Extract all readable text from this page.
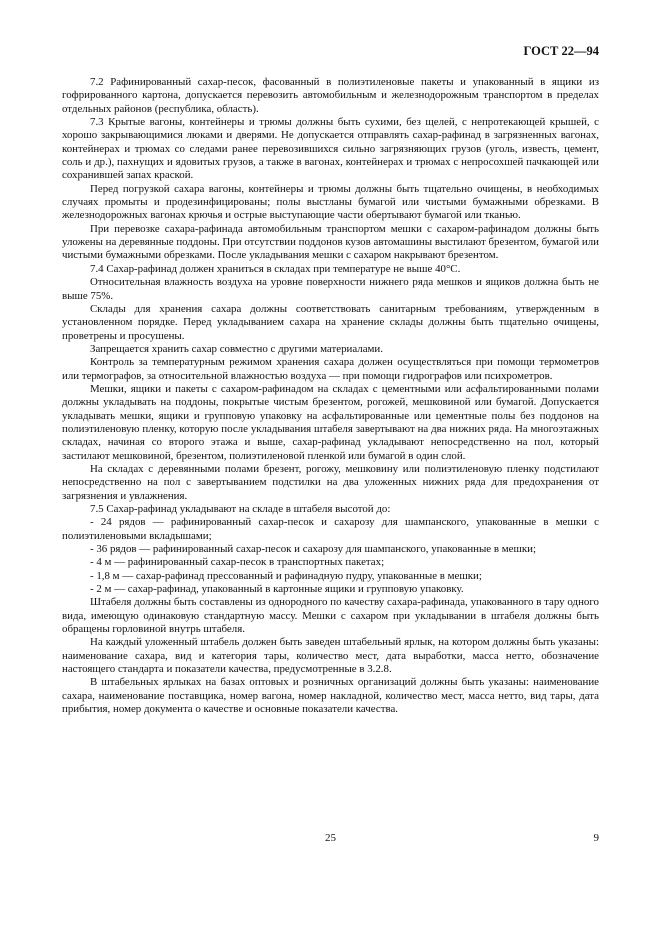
ГОСТ 22—94

7.2 Рафинированный сахар-песок, фасованный в полиэтиленовые пакеты и упакованный в ящики из гофрированного картона, допускается перевозить автомобильным и железнодорожным транспортом в пределах отдельных районов (республика, область).

7.3 Крытые вагоны, контейнеры и трюмы должны быть сухими, без щелей, с непротекающей крышей, с хорошо закрывающимися люками и дверями. Не допускается отправлять сахар-рафинад в загрязненных вагонах, контейнерах и трюмах со следами ранее перевозившихся сильно загрязняющих грузов (уголь, известь, цемент, соль и др.), пахнущих и ядовитых грузов, а также в вагонах, контейнерах и трюмах с непросохшей пачкающей или сохранившей запах краской.

Перед погрузкой сахара вагоны, контейнеры и трюмы должны быть тщательно очищены, в необходимых случаях промыты и продезинфицированы; полы выстланы бумагой или чистыми бумажными обрезками. В железнодорожных вагонах крючья и острые выступающие части обертывают бумагой или тканью.

При перевозке сахара-рафинада автомобильным транспортом мешки с сахаром-рафинадом должны быть уложены на деревянные поддоны. При отсутствии поддонов кузов автомашины выстилают брезентом, бумагой или чистыми бумажными обрезками. После укладывания мешки с сахаром накрывают брезентом.

7.4 Сахар-рафинад должен храниться в складах при температуре не выше 40°С.

Относительная влажность воздуха на уровне поверхности нижнего ряда мешков и ящиков должна быть не выше 75%.

Склады для хранения сахара должны соответствовать санитарным требованиям, утвержденным в установленном порядке. Перед укладыванием сахара на хранение склады должны быть тщательно очищены, проветрены и просушены.

Запрещается хранить сахар совместно с другими материалами.

Контроль за температурным режимом хранения сахара должен осуществляться при помощи термометров или термографов, за относительной влажностью воздуха — при помощи гидрографов или психрометров.

Мешки, ящики и пакеты с сахаром-рафинадом на складах с цементными или асфальтированными полами должны укладывать на поддоны, покрытые чистым брезентом, рогожей, мешковиной или бумагой. Допускается укладывать мешки, ящики и групповую упаковку на асфальтированные или цементные полы без поддонов на полиэтиленовую пленку, которую после укладывания штабеля завертывают на два нижних ряда. На многоэтажных складах, начиная со второго этажа и выше, сахар-рафинад укладывают непосредственно на пол, который застилают мешковиной, брезентом, полиэтиленовой пленкой или бумагой в один слой.

На складах с деревянными полами брезент, рогожу, мешковину или полиэтиленовую пленку подстилают непосредственно на пол с завертыванием подстилки на два уложенных нижних ряда для предохранения от загрязнения и увлажнения.

7.5 Сахар-рафинад укладывают на складе в штабеля высотой до:

- 24 рядов — рафинированный сахар-песок и сахарозу для шампанского, упакованные в мешки с полиэтиленовыми вкладышами;

- 36 рядов — рафинированный сахар-песок и сахарозу для шампанского, упакованные в мешки;

- 4 м — рафинированный сахар-песок в транспортных пакетах;

- 1,8 м — сахар-рафинад прессованный и рафинадную пудру, упакованные в мешки;

- 2 м — сахар-рафинад, упакованный в картонные ящики и групповую упаковку.

Штабеля должны быть составлены из однородного по качеству сахара-рафинада, упакованного в тару одного вида, имеющую одинаковую стандартную массу. Мешки с сахаром при укладывании в штабеля должны быть обращены горловиной внутрь штабеля.

На каждый уложенный штабель должен быть заведен штабельный ярлык, на котором должны быть указаны: наименование сахара, вид и категория тары, количество мест, дата выработки, масса нетто, обозначение настоящего стандарта и показатели качества, предусмотренные в 3.2.8.

В штабельных ярлыках на базах оптовых и розничных организаций должны быть указаны: наименование сахара, наименование поставщика, номер вагона, номер накладной, количество мест, масса нетто, вид тары, дата прибытия, номер документа о качестве и основные показатели качества.

25	9
